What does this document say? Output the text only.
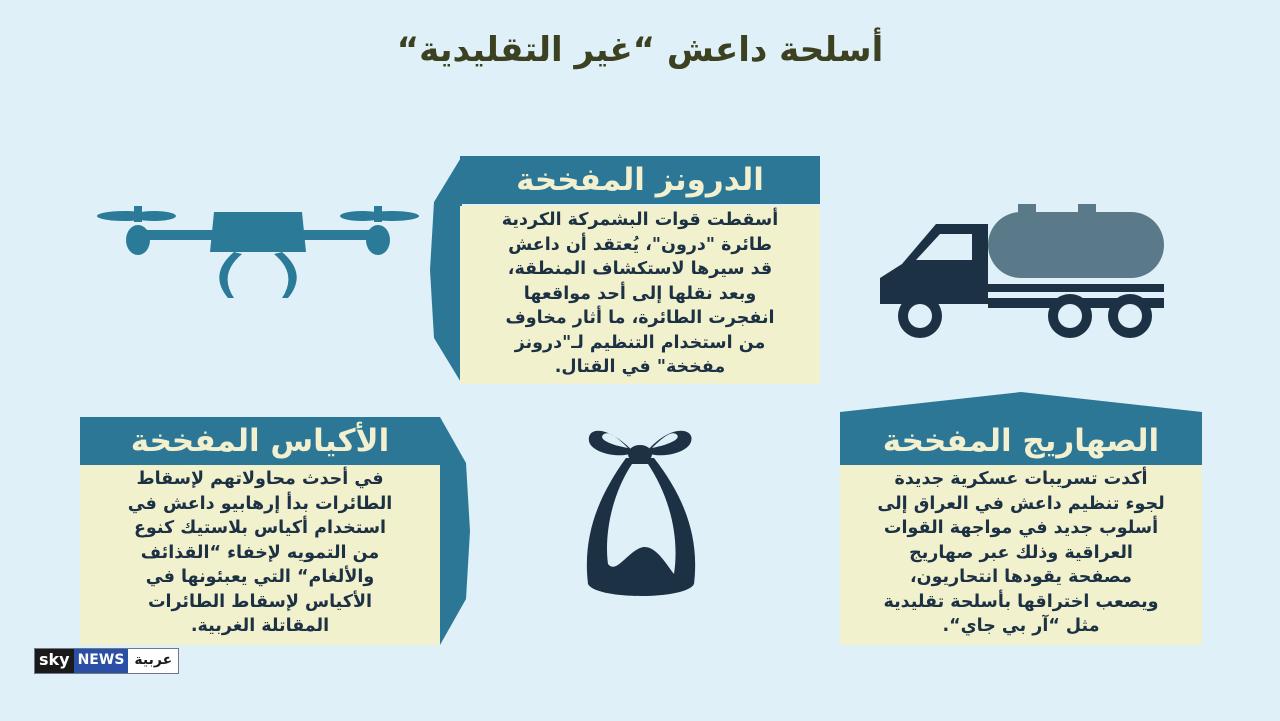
أسلحة داعش “غير التقليدية“
الدرونز المفخخة
أسقطت قوات البشمركة الكردية
طائرة "درون"، يُعتقد أن داعش
قد سيرها لاستكشاف المنطقة،
وبعد نقلها إلى أحد مواقعها
انفجرت الطائرة، ما أثار مخاوف
من استخدام التنظيم لـ"درونز
مفخخة" في القتال.
الأكياس المفخخة
في أحدث محاولاتهم لإسقاط
الطائرات بدأ إرهابيو داعش في
استخدام أكياس بلاستيك كنوع
من التمويه لإخفاء “القذائف
والألغام“ التي يعبئونها في
الأكياس لإسقاط الطائرات
المقاتلة الغربية.
الصهاريج المفخخة
أكدت تسريبات عسكرية جديدة
لجوء تنظيم داعش في العراق إلى
أسلوب جديد في مواجهة القوات
العراقية وذلك عبر صهاريج
مصفحة يقودها انتحاريون،
ويصعب اختراقها بأسلحة تقليدية
مثل “آر بي جاي“.
sky NEWS عربية
